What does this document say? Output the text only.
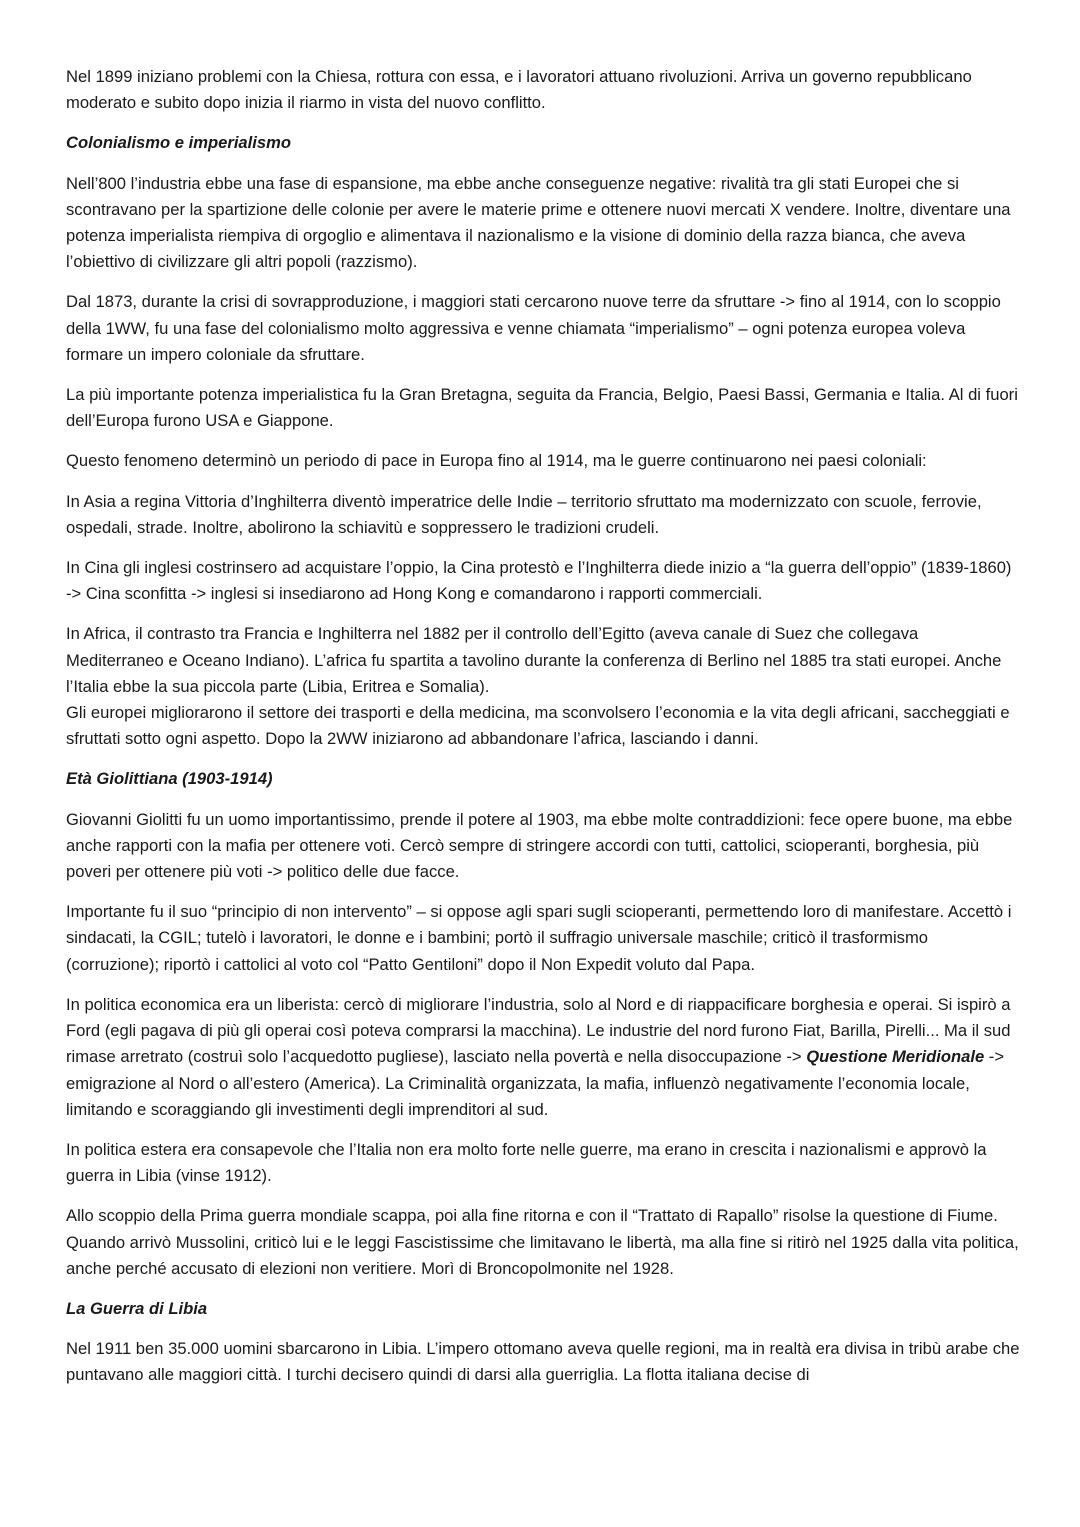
Nel 1899 iniziano problemi con la Chiesa, rottura con essa, e i lavoratori attuano rivoluzioni. Arriva un governo repubblicano moderato e subito dopo inizia il riarmo in vista del nuovo conflitto.

Colonialismo e imperialismo

Nell’800 l’industria ebbe una fase di espansione, ma ebbe anche conseguenze negative: rivalità tra gli stati Europei che si scontravano per la spartizione delle colonie per avere le materie prime e ottenere nuovi mercati X vendere. Inoltre, diventare una potenza imperialista riempiva di orgoglio e alimentava il nazionalismo e la visione di dominio della razza bianca, che aveva l’obiettivo di civilizzare gli altri popoli (razzismo).

Dal 1873, durante la crisi di sovrapproduzione, i maggiori stati cercarono nuove terre da sfruttare -> fino al 1914, con lo scoppio della 1WW, fu una fase del colonialismo molto aggressiva e venne chiamata “imperialismo” – ogni potenza europea voleva formare un impero coloniale da sfruttare.

La più importante potenza imperialistica fu la Gran Bretagna, seguita da Francia, Belgio, Paesi Bassi, Germania e Italia. Al di fuori dell’Europa furono USA e Giappone.

Questo fenomeno determinò un periodo di pace in Europa fino al 1914, ma le guerre continuarono nei paesi coloniali:

In Asia a regina Vittoria d’Inghilterra diventò imperatrice delle Indie – territorio sfruttato ma modernizzato con scuole, ferrovie, ospedali, strade. Inoltre, abolirono la schiavitù e soppressero le tradizioni crudeli.

In Cina gli inglesi costrinsero ad acquistare l’oppio, la Cina protestò e l’Inghilterra diede inizio a “la guerra dell’oppio” (1839-1860) -> Cina sconfitta -> inglesi si insediarono ad Hong Kong e comandarono i rapporti commerciali.

In Africa, il contrasto tra Francia e Inghilterra nel 1882 per il controllo dell’Egitto (aveva canale di Suez che collegava Mediterraneo e Oceano Indiano). L’africa fu spartita a tavolino durante la conferenza di Berlino nel 1885 tra stati europei. Anche l’Italia ebbe la sua piccola parte (Libia, Eritrea e Somalia).

Gli europei migliorarono il settore dei trasporti e della medicina, ma sconvolsero l’economia e la vita degli africani, saccheggiati e sfruttati sotto ogni aspetto. Dopo la 2WW iniziarono ad abbandonare l’africa, lasciando i danni.

Età Giolittiana (1903-1914)

Giovanni Giolitti fu un uomo importantissimo, prende il potere al 1903, ma ebbe molte contraddizioni: fece opere buone, ma ebbe anche rapporti con la mafia per ottenere voti. Cercò sempre di stringere accordi con tutti, cattolici, scioperanti, borghesia, più poveri per ottenere più voti -> politico delle due facce.

Importante fu il suo “principio di non intervento” – si oppose agli spari sugli scioperanti, permettendo loro di manifestare. Accettò i sindacati, la CGIL; tutelò i lavoratori, le donne e i bambini; portò il suffragio universale maschile; criticò il trasformismo (corruzione); riportò i cattolici al voto col “Patto Gentiloni” dopo il Non Expedit voluto dal Papa.

In politica economica era un liberista: cercò di migliorare l’industria, solo al Nord e di riappacificare borghesia e operai. Si ispirò a Ford (egli pagava di più gli operai così poteva comprarsi la macchina). Le industrie del nord furono Fiat, Barilla, Pirelli... Ma il sud rimase arretrato (costruì solo l’acquedotto pugliese), lasciato nella povertà e nella disoccupazione -> Questione Meridionale -> emigrazione al Nord o all’estero (America). La Criminalità organizzata, la mafia, influenzò negativamente l’economia locale, limitando e scoraggiando gli investimenti degli imprenditori al sud.

In politica estera era consapevole che l’Italia non era molto forte nelle guerre, ma erano in crescita i nazionalismi e approvò la guerra in Libia (vinse 1912).

Allo scoppio della Prima guerra mondiale scappa, poi alla fine ritorna e con il “Trattato di Rapallo” risolse la questione di Fiume. Quando arrivò Mussolini, criticò lui e le leggi Fascistissime che limitavano le libertà, ma alla fine si ritirò nel 1925 dalla vita politica, anche perché accusato di elezioni non veritiere. Morì di Broncopolmonite nel 1928.

La Guerra di Libia

Nel 1911 ben 35.000 uomini sbarcarono in Libia. L’impero ottomano aveva quelle regioni, ma in realtà era divisa in tribù arabe che puntavano alle maggiori città. I turchi decisero quindi di darsi alla guerriglia. La flotta italiana decise di
